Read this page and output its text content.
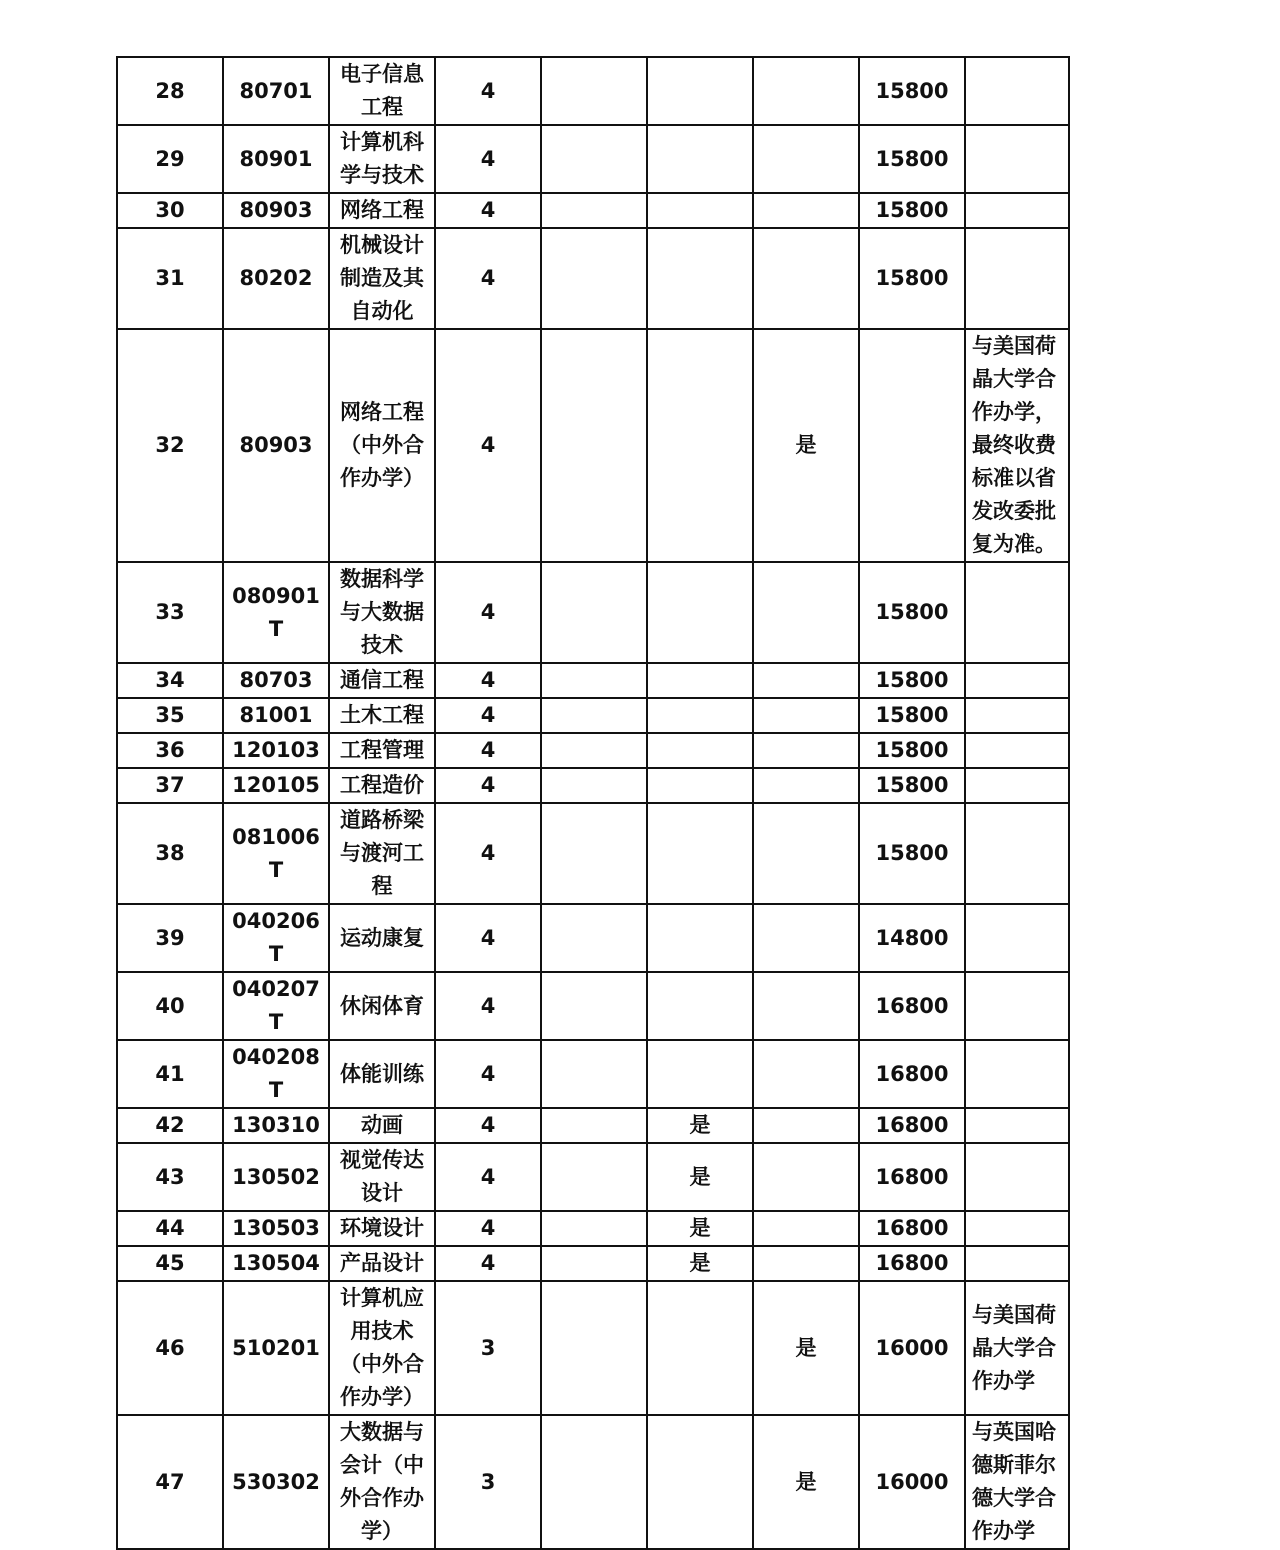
28	80701	电子信息工程	4				15800	
29	80901	计算机科学与技术	4				15800	
30	80903	网络工程	4				15800	
31	80202	机械设计制造及其自动化	4				15800	
32	80903	网络工程（中外合作办学）	4			是		与美国荷晶大学合作办学，最终收费标准以省发改委批复为准。
33	080901T	数据科学与大数据技术	4				15800	
34	80703	通信工程	4				15800	
35	81001	土木工程	4				15800	
36	120103	工程管理	4				15800	
37	120105	工程造价	4				15800	
38	081006T	道路桥梁与渡河工程	4				15800	
39	040206T	运动康复	4				14800	
40	040207T	休闲体育	4				16800	
41	040208T	体能训练	4				16800	
42	130310	动画	4		是		16800	
43	130502	视觉传达设计	4		是		16800	
44	130503	环境设计	4		是		16800	
45	130504	产品设计	4		是		16800	
46	510201	计算机应用技术（中外合作办学）	3			是	16000	与美国荷晶大学合作办学
47	530302	大数据与会计（中外合作办学）	3			是	16000	与英国哈德斯菲尔德大学合作办学
